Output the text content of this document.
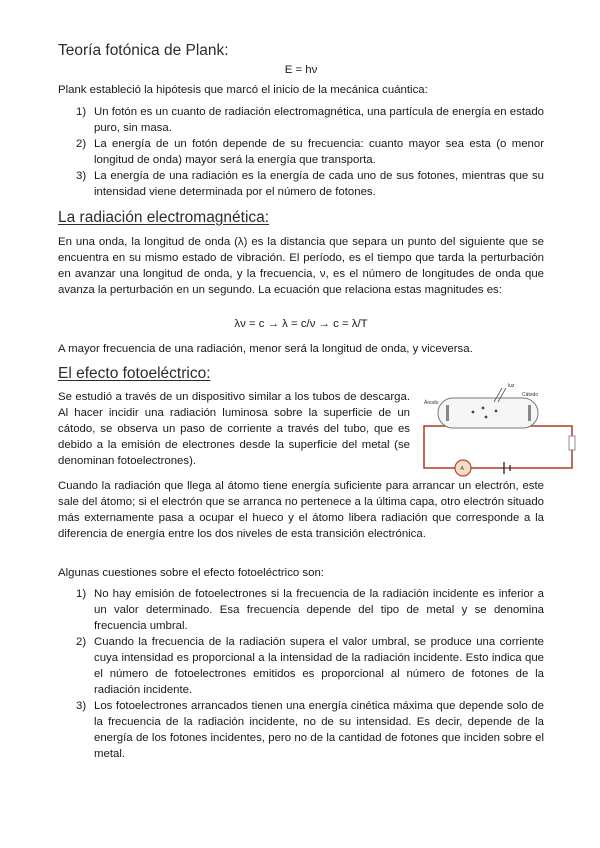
Teoría fotónica de Plank:
E = hν
Plank estableció la hipótesis que marcó el inicio de la mecánica cuántica:
1) Un fotón es un cuanto de radiación electromagnética, una partícula de energía en estado puro, sin masa.
2) La energía de un fotón depende de su frecuencia: cuanto mayor sea esta (o menor longitud de onda) mayor será la energía que transporta.
3) La energía de una radiación es la energía de cada uno de sus fotones, mientras que su intensidad viene determinada por el número de fotones.
La radiación electromagnética:
En una onda, la longitud de onda (λ) es la distancia que separa un punto del siguiente que se encuentra en su mismo estado de vibración. El período, es el tiempo que tarda la perturbación en avanzar una longitud de onda, y la frecuencia, ν, es el número de longitudes de onda que avanza la perturbación en un segundo. La ecuación que relaciona estas magnitudes es:
λν = c → λ = c/ν → c = λ/T
A mayor frecuencia de una radiación, menor será la longitud de onda, y viceversa.
El efecto fotoeléctrico:
Se estudió a través de un dispositivo similar a los tubos de descarga. Al hacer incidir una radiación luminosa sobre la superficie de un cátodo, se observa un paso de corriente a través del tubo, que es debido a la emisión de electrones desde la superficie del metal (se denominan fotoelectrones).
luz
Ánodo
Cátodo
A
Cuando la radiación que llega al átomo tiene energía suficiente para arrancar un electrón, este sale del átomo; si el electrón que se arranca no pertenece a la última capa, otro electrón situado más externamente pasa a ocupar el hueco y el átomo libera radiación que corresponde a la diferencia de energía entre los dos niveles de esta transición electrónica.
Algunas cuestiones sobre el efecto fotoeléctrico son:
1) No hay emisión de fotoelectrones si la frecuencia de la radiación incidente es inferior a un valor determinado. Esa frecuencia depende del tipo de metal y se denomina frecuencia umbral.
2) Cuando la frecuencia de la radiación supera el valor umbral, se produce una corriente cuya intensidad es proporcional a la intensidad de la radiación incidente. Esto indica que el número de fotoelectrones emitidos es proporcional al número de fotones de la radiación incidente.
3) Los fotoelectrones arrancados tienen una energía cinética máxima que depende solo de la frecuencia de la radiación incidente, no de su intensidad. Es decir, depende de la energía de los fotones incidentes, pero no de la cantidad de fotones que inciden sobre el metal.
